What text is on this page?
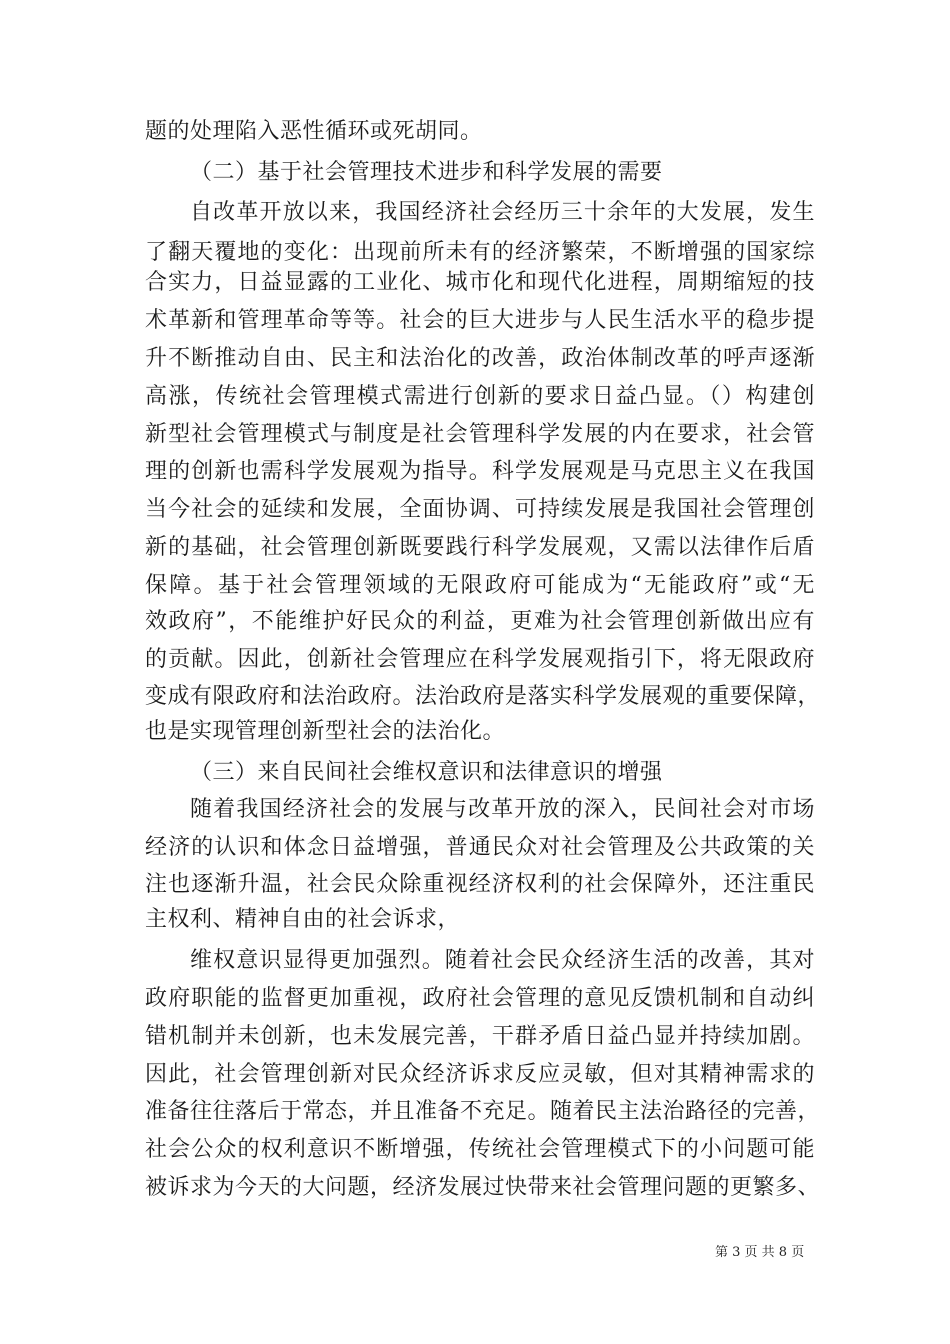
题的处理陷入恶性循环或死胡同。
（二）基于社会管理技术进步和科学发展的需要
自改革开放以来，我国经济社会经历三十余年的大发展，发生
了翻天覆地的变化：出现前所未有的经济繁荣，不断增强的国家综
合实力，日益显露的工业化、城市化和现代化进程，周期缩短的技
术革新和管理革命等等。社会的巨大进步与人民生活水平的稳步提
升不断推动自由、民主和法治化的改善，政治体制改革的呼声逐渐
高涨，传统社会管理模式需进行创新的要求日益凸显。（）构建创
新型社会管理模式与制度是社会管理科学发展的内在要求，社会管
理的创新也需科学发展观为指导。科学发展观是马克思主义在我国
当今社会的延续和发展，全面协调、可持续发展是我国社会管理创
新的基础，社会管理创新既要践行科学发展观，又需以法律作后盾
保障。基于社会管理领域的无限政府可能成为“无能政府”或“无
效政府”，不能维护好民众的利益，更难为社会管理创新做出应有
的贡献。因此，创新社会管理应在科学发展观指引下，将无限政府
变成有限政府和法治政府。法治政府是落实科学发展观的重要保障，
也是实现管理创新型社会的法治化。
（三）来自民间社会维权意识和法律意识的增强
随着我国经济社会的发展与改革开放的深入，民间社会对市场
经济的认识和体念日益增强，普通民众对社会管理及公共政策的关
注也逐渐升温，社会民众除重视经济权利的社会保障外，还注重民
主权利、精神自由的社会诉求，
维权意识显得更加强烈。随着社会民众经济生活的改善，其对
政府职能的监督更加重视，政府社会管理的意见反馈机制和自动纠
错机制并未创新，也未发展完善，干群矛盾日益凸显并持续加剧。
因此，社会管理创新对民众经济诉求反应灵敏，但对其精神需求的
准备往往落后于常态，并且准备不充足。随着民主法治路径的完善，
社会公众的权利意识不断增强，传统社会管理模式下的小问题可能
被诉求为今天的大问题，经济发展过快带来社会管理问题的更繁多、
第 3 页 共 8 页
